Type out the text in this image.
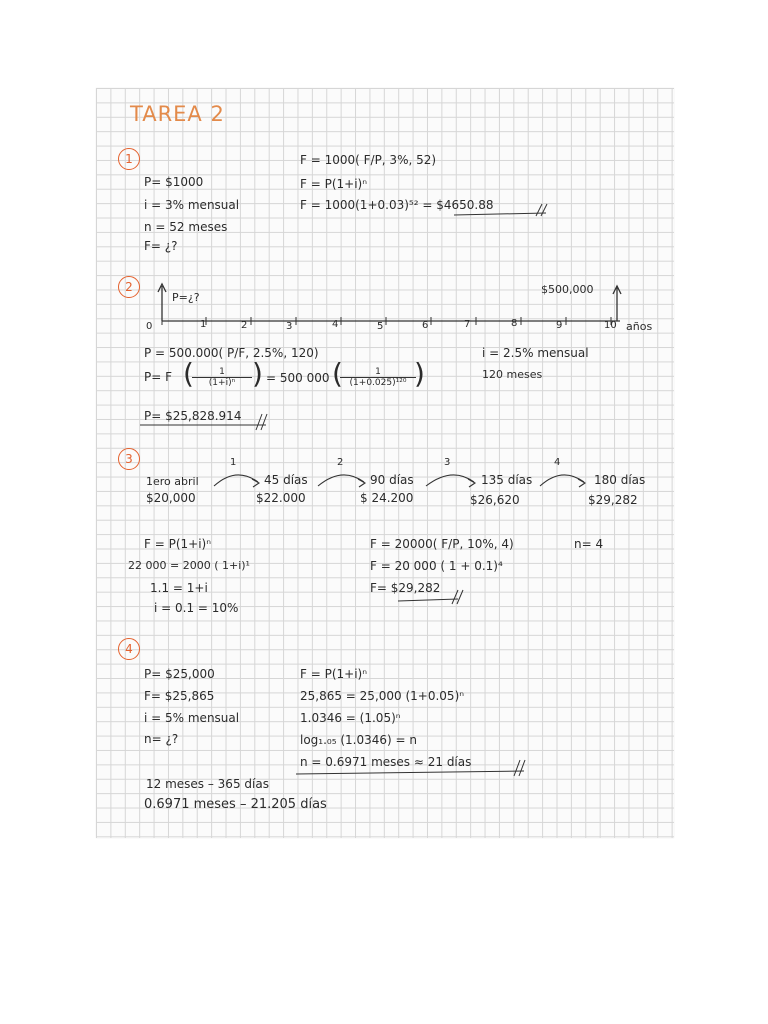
TAREA 2
1
P= $1000
i = 3% mensual
n = 52 meses
F= ¿?
F = 1000( F/P, 3%, 52)
F = P(1+i)ⁿ
F = 1000(1+0.03)⁵² = $4650.88
2
P=¿?
$500,000
0	1	2	3	4	5	6	7	8	9	10 años
P = 500.000( P/F, 2.5%, 120)	i = 2.5% mensual
120 meses
P= F (
$\frac{1}{\text{(1+i)ⁿ}}$ ) = 500 000 (
$\frac{1}{\text{(1+0.025)¹²⁰}}$
)
P= $25,828.914
3	1	2	3	4
1ero abril	45 días	90 días	135 días	180 días
$20,000	$22.000	$ 24.200	$26,620	$29,282
F = P(1+i)ⁿ
22 000 = 2000 ( 1+i)¹
1.1 = 1+i
i = 0.1 = 10%
F = 20000( F/P, 10%, 4)
F = 20 000 ( 1 + 0.1)⁴
F= $29,282
n= 4
4
P= $25,000
F= $25,865
i = 5% mensual
n= ¿?
F = P(1+i)ⁿ
25,865 = 25,000 (1+0.05)ⁿ
1.0346 = (1.05)ⁿ
log₁.₀₅ (1.0346) = n
n = 0.6971 meses ≈ 21 días
12 meses – 365 días
0.6971 meses – 21.205 días
